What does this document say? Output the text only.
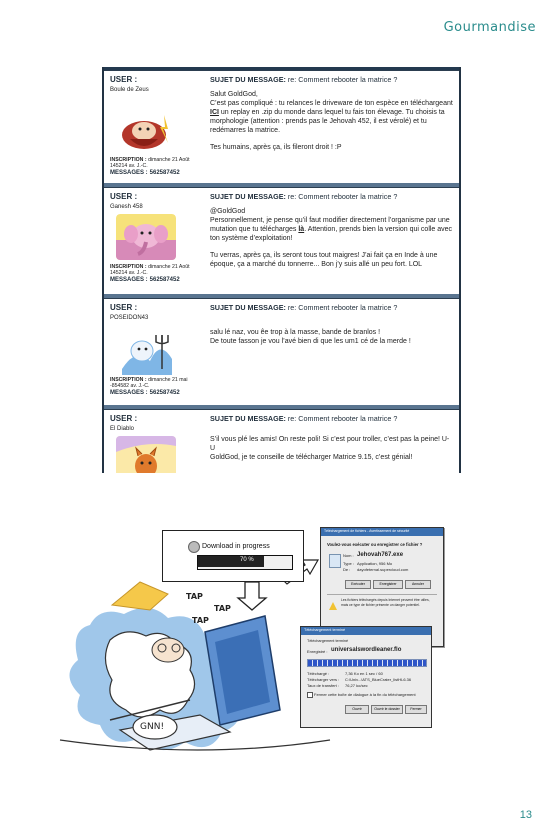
Gourmandise
USER :
Boule de Zeus
INSCRIPTION : dimanche 21 Août 145214 av. J.-C.
MESSAGES : 562587452
SUJET DU MESSAGE: re: Comment rebooter la matrice ?

Salut GoldGod,
C’est pas compliqué : tu relances le driveware de ton espèce en téléchargeant ICI un replay en .zip du monde dans lequel tu fais ton élevage. Tu choisis ta morphologie (attention : prends pas le Jehovah 452, il est vérolé) et tu redémarres la matrice.

Tes humains, après ça, ils fileront droit ! :P

USER :
Ganesh 458
INSCRIPTION : dimanche 21 Août 145214 av. J.-C.
MESSAGES : 562587452
SUJET DU MESSAGE: re: Comment rebooter la matrice ?

@GoldGod
Personnellement, je pense qu’il faut modifier directement l’organisme par une mutation que tu télécharges là. Attention, prends bien la version qui colle avec ton système d’exploitation!

Tu verras, après ça, ils seront tous tout maigres! J’ai fait ça en Inde à une époque, ça a marché du tonnerre... Bon j’y suis allé un peu fort. LOL

USER :
POSEIDON43
INSCRIPTION : dimanche 21 mai -854582 av. J.-C.
MESSAGES : 562587452
SUJET DU MESSAGE: re: Comment rebooter la matrice ?

salu lé naz, vou êe trop à la masse, bande de branlos !
De toute fasson je vou l’avé bien di que les um1 cé de la merde !

USER :
El Diablo
SUJET DU MESSAGE: re: Comment rebooter la matrice ?

S’il vous plé les amis! On reste poli! Si c’est pour troller, c’est pas la peine! U-U
GoldGod, je te conseille de télécharger Matrice 9.15, c’est génial!

TAP
TAP
TAP
GNN!
Download in progress
70 %
Téléchargement de fichiers - Avertissement de sécurité
Voulez-vous exécuter ou enregistrer ce fichier ?
Nom : Jehovah767.exe
Type : Application, 956 Mo
De : dayofeternal.supercloud.com
Exécuter	Enregistrer	Annuler
Les fichiers téléchargés depuis Internet peuvent être utiles, mais ce type de fichier présente un danger potentiel.
Téléchargement terminé
Téléchargement terminé
Enregistré : universalswordleaner.flo
Téléchargé :	7,36 Ko en 1 sec / 60
Télécharger vers : C:\Univ...\ATS_BlueCrater_listHL6.36
Taux de transfert : 76,27 ko/sec
Fermer cette boîte de dialogue à la fin du téléchargement
Ouvrir	Ouvrir le dossier	Fermer
13
